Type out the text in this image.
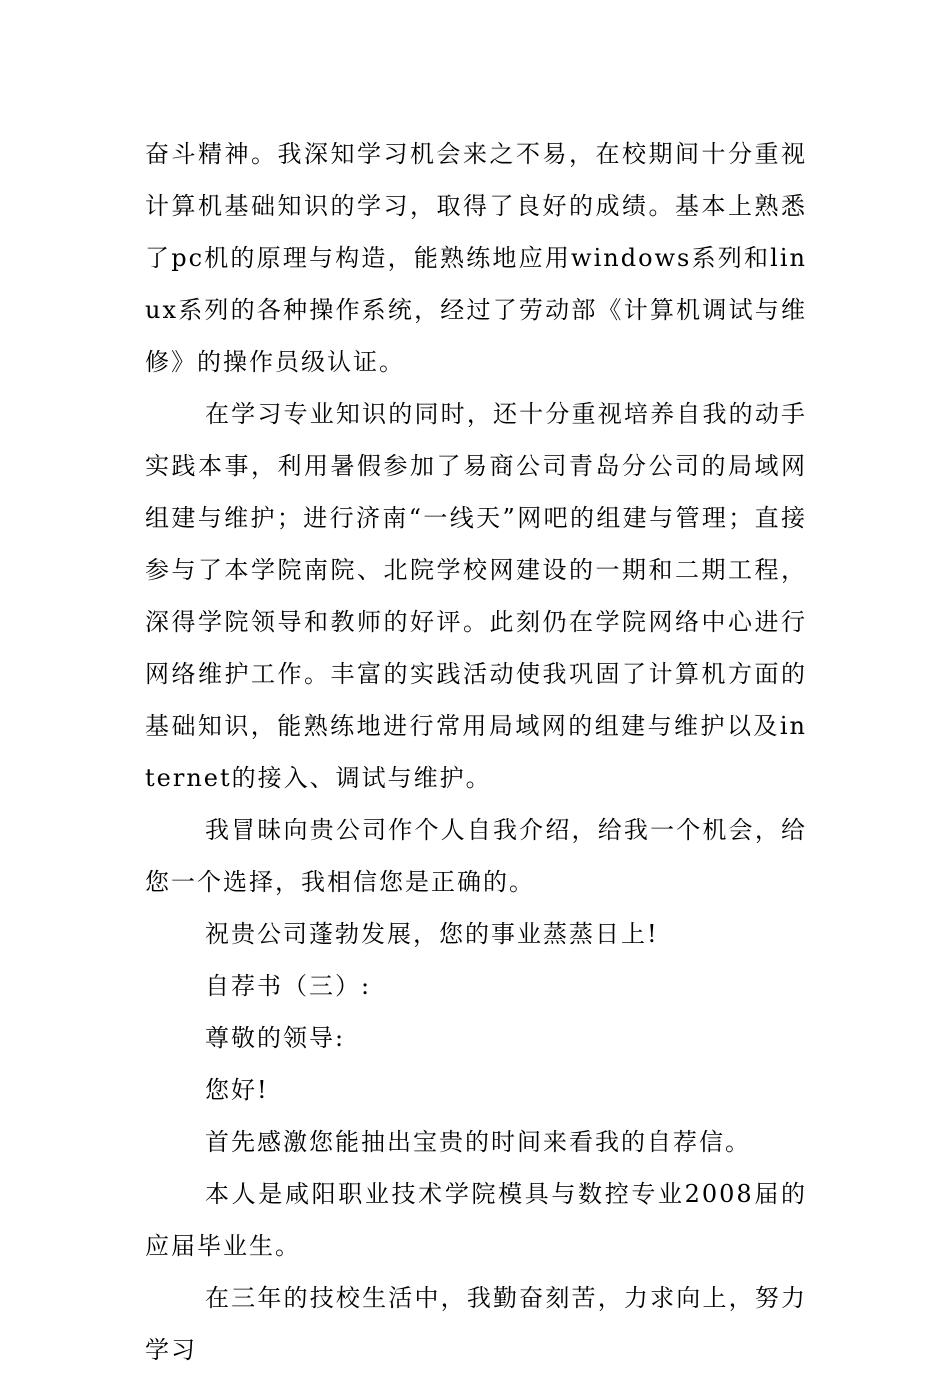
奋斗精神。我深知学习机会来之不易，在校期间十分重视计算机基础知识的学习，取得了良好的成绩。基本上熟悉了pc机的原理与构造，能熟练地应用windows系列和linux系列的各种操作系统，经过了劳动部《计算机调试与维修》的操作员级认证。

在学习专业知识的同时，还十分重视培养自我的动手实践本事，利用暑假参加了易商公司青岛分公司的局域网组建与维护；进行济南“一线天”网吧的组建与管理；直接参与了本学院南院、北院学校网建设的一期和二期工程，深得学院领导和教师的好评。此刻仍在学院网络中心进行网络维护工作。丰富的实践活动使我巩固了计算机方面的基础知识，能熟练地进行常用局域网的组建与维护以及internet的接入、调试与维护。

我冒昧向贵公司作个人自我介绍，给我一个机会，给您一个选择，我相信您是正确的。

祝贵公司蓬勃发展，您的事业蒸蒸日上!

自荐书（三）:

尊敬的领导:

您好!

首先感激您能抽出宝贵的时间来看我的自荐信。

本人是咸阳职业技术学院模具与数控专业2008届的应届毕业生。

在三年的技校生活中，我勤奋刻苦，力求向上，努力学习
